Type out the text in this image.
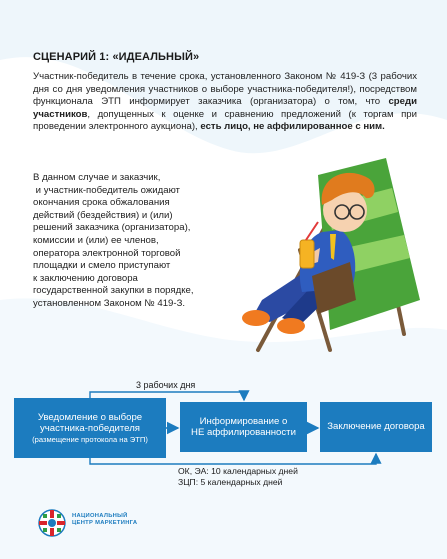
СЦЕНАРИЙ 1: «ИДЕАЛЬНЫЙ»
Участник-победитель в течение срока, установленного Законом № 419-З (3 рабочих дня со дня уведомления участников о выборе участника-победителя!), посредством функционала ЭТП информирует заказчика (организатора) о том, что среди участников, допущенных к оценке и сравнению предложений (к торгам при проведении электронного аукциона), есть лицо, не аффилированное с ним.
В данном случае и заказчик,
и участник-победитель ожидают
окончания срока обжалования
действий (бездействия) и (или)
решений заказчика (организатора),
комиссии и (или) ее членов,
оператора электронной торговой
площадки и смело приступают
к заключению договора
государственной закупки в порядке,
установленном Законом № 419-З.
3 рабочих дня
Уведомление о выборе
участника-победителя
(размещение протокола на ЭТП)
Информирование о
НЕ аффилированности
Заключение договора
ОК, ЭА: 10 календарных дней
ЗЦП: 5 календарных дней
НАЦИОНАЛЬНЫЙ
ЦЕНТР МАРКЕТИНГА
